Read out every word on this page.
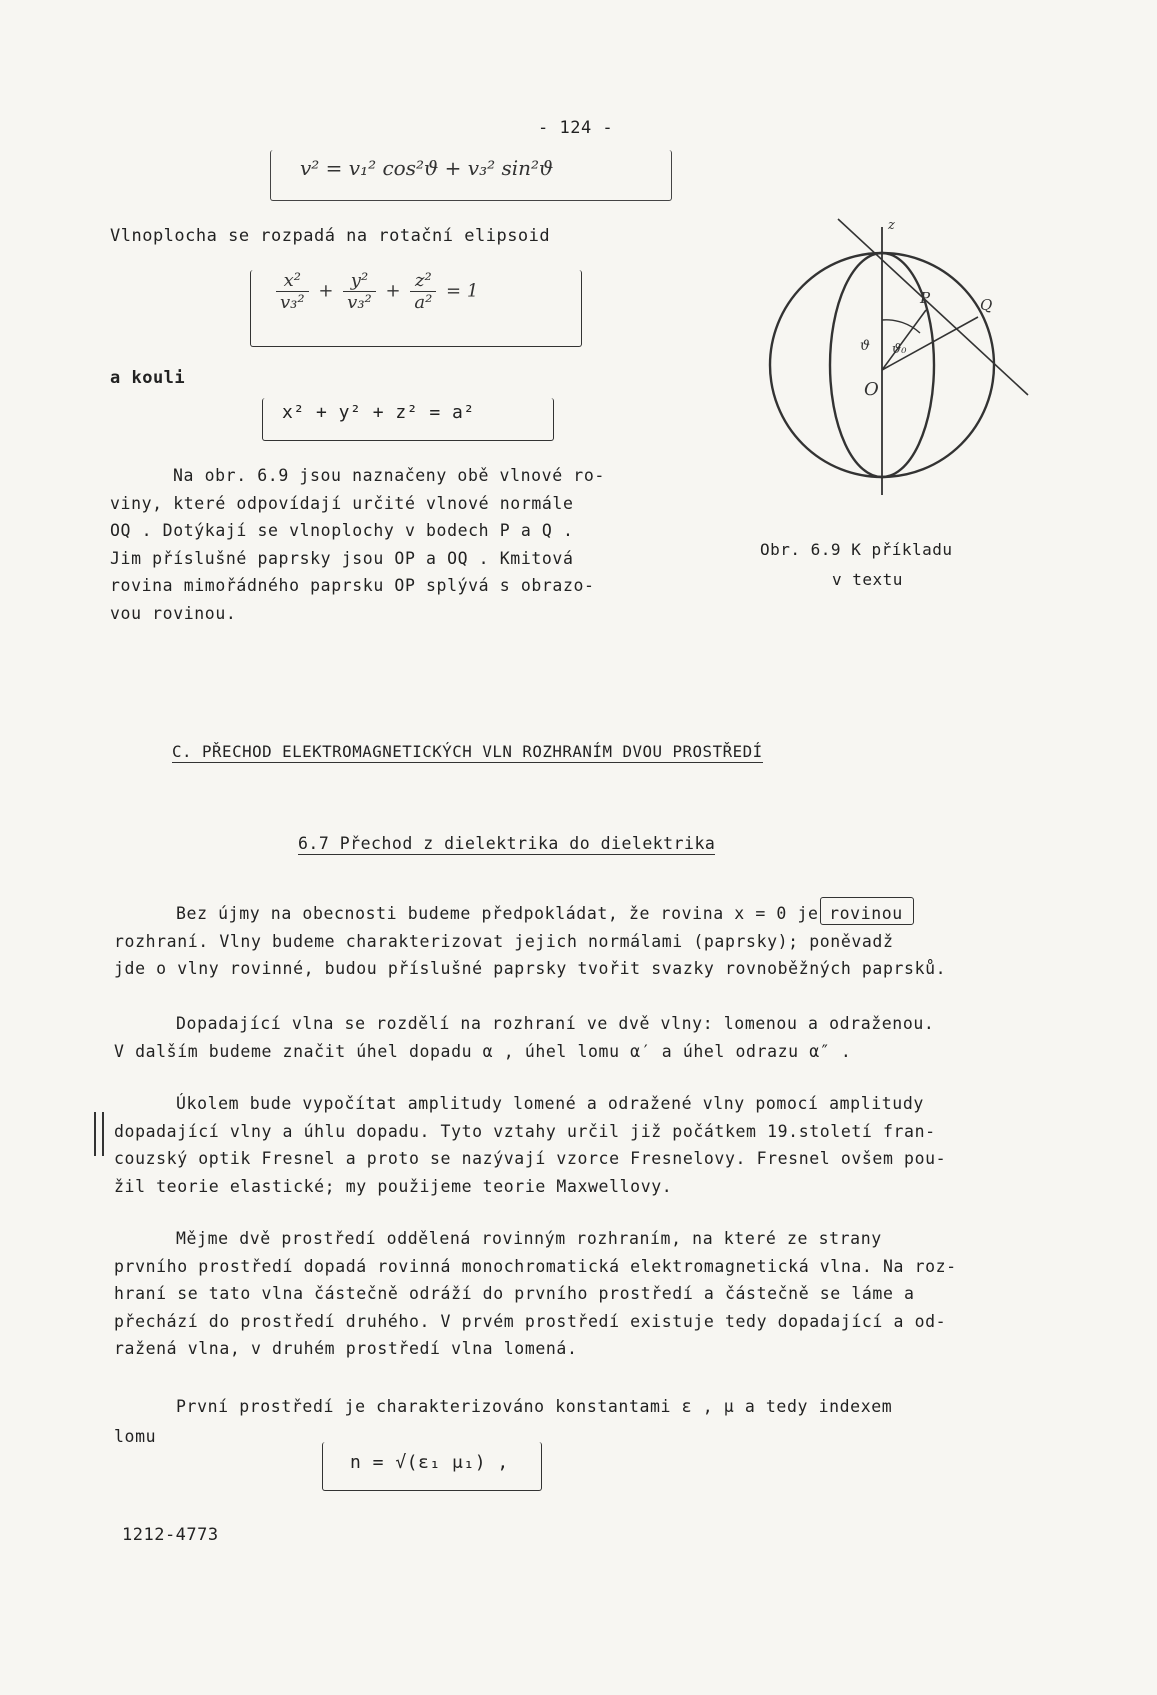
- 124 -
v² = v₁² cos²ϑ + v₃² sin²ϑ
Vlnoplocha se rozpadá na rotační elipsoid
$\frac{\text{x²}}{\text{v₃²}} + \frac{\text{y²}}{\text{v₃²}} + \frac{\text{z²}}{\text{a²}} = 1$
a kouli
x² + y² + z² = a²
Na obr. 6.9 jsou naznačeny obě vlnové ro-
viny, které odpovídají určité vlnové normále
OQ . Dotýkají se vlnoplochy v bodech P a Q .
Jim příslušné paprsky jsou OP a OQ . Kmitová
rovina mimořádného paprsku OP splývá s obrazo-
vou rovinou.
z
P	Q
O
ϑ ϑ₀
Obr. 6.9 K příkladu
v textu
C. PŘECHOD ELEKTROMAGNETICKÝCH VLN ROZHRANÍM DVOU PROSTŘEDÍ
6.7 Přechod z dielektrika do dielektrika
Bez újmy na obecnosti budeme předpokládat, že rovina x = 0 je rovinou
rozhraní. Vlny budeme charakterizovat jejich normálami (paprsky); poněvadž
jde o vlny rovinné, budou příslušné paprsky tvořit svazky rovnoběžných paprsků.
Dopadající vlna se rozdělí na rozhraní ve dvě vlny: lomenou a odraženou.
V dalším budeme značit úhel dopadu α , úhel lomu α′ a úhel odrazu α″ .
Úkolem bude vypočítat amplitudy lomené a odražené vlny pomocí amplitudy
dopadající vlny a úhlu dopadu. Tyto vztahy určil již počátkem 19.století fran-
couzský optik Fresnel a proto se nazývají vzorce Fresnelovy. Fresnel ovšem pou-
žil teorie elastické; my použijeme teorie Maxwellovy.
Mějme dvě prostředí oddělená rovinným rozhraním, na které ze strany
prvního prostředí dopadá rovinná monochromatická elektromagnetická vlna. Na roz-
hraní se tato vlna částečně odráží do prvního prostředí a částečně se láme a
přechází do prostředí druhého. V prvém prostředí existuje tedy dopadající a od-
ražená vlna, v druhém prostředí vlna lomená.
První prostředí je charakterizováno konstantami ε , μ a tedy indexem
lomu
n = √(ε₁ μ₁) ,
1212-4773
